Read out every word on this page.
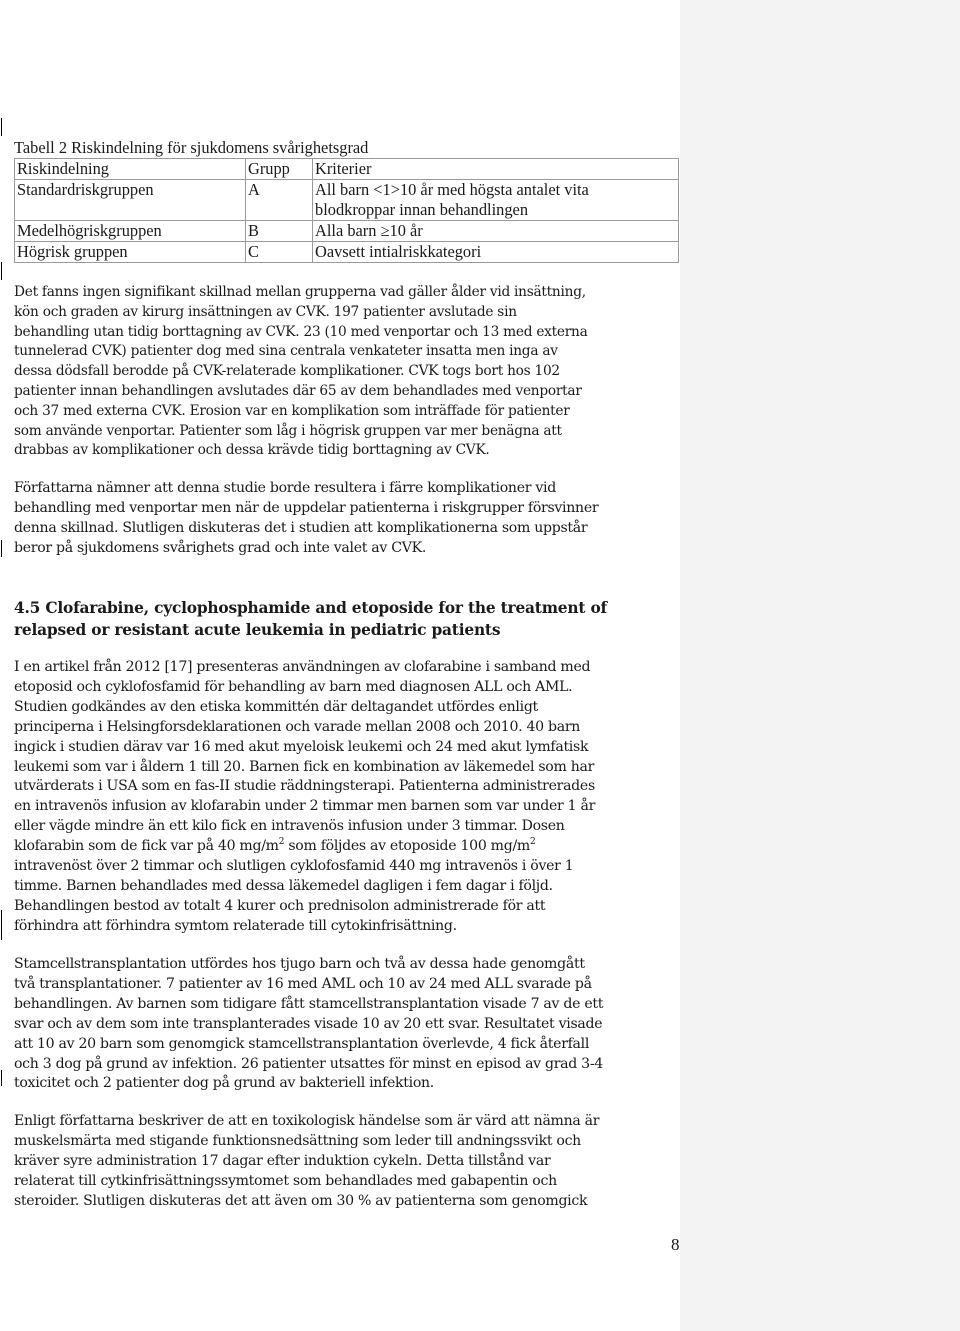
Tabell 2 Riskindelning för sjukdomens svårighetsgrad
Riskindelning	Grupp	Kriterier
Standardriskgruppen	A	All barn <1>10 år med högsta antalet vita
blodkroppar innan behandlingen
Medelhögriskgruppen	B	Alla barn ≥10 år
Högrisk gruppen	C	Oavsett intialriskkategori

Det fanns ingen signifikant skillnad mellan grupperna vad gäller ålder vid insättning,
kön och graden av kirurg insättningen av CVK. 197 patienter avslutade sin
behandling utan tidig borttagning av CVK. 23 (10 med venportar och 13 med externa
tunnelerad CVK) patienter dog med sina centrala venkateter insatta men inga av
dessa dödsfall berodde på CVK-relaterade komplikationer. CVK togs bort hos 102
patienter innan behandlingen avslutades där 65 av dem behandlades med venportar
och 37 med externa CVK. Erosion var en komplikation som inträffade för patienter
som använde venportar. Patienter som låg i högrisk gruppen var mer benägna att
drabbas av komplikationer och dessa krävde tidig borttagning av CVK.

Författarna nämner att denna studie borde resultera i färre komplikationer vid
behandling med venportar men när de uppdelar patienterna i riskgrupper försvinner
denna skillnad. Slutligen diskuteras det i studien att komplikationerna som uppstår
beror på sjukdomens svårighets grad och inte valet av CVK.

4.5 Clofarabine, cyclophosphamide and etoposide for the treatment of
relapsed or resistant acute leukemia in pediatric patients

I en artikel från 2012 [17] presenteras användningen av clofarabine i samband med
etoposid och cyklofosfamid för behandling av barn med diagnosen ALL och AML.
Studien godkändes av den etiska kommittén där deltagandet utfördes enligt
principerna i Helsingforsdeklarationen och varade mellan 2008 och 2010. 40 barn
ingick i studien därav var 16 med akut myeloisk leukemi och 24 med akut lymfatisk
leukemi som var i åldern 1 till 20. Barnen fick en kombination av läkemedel som har
utvärderats i USA som en fas-II studie räddningsterapi. Patienterna administrerades
en intravenös infusion av klofarabin under 2 timmar men barnen som var under 1 år
eller vägde mindre än ett kilo fick en intravenös infusion under 3 timmar. Dosen
klofarabin som de fick var på 40 $mg/m^2$ som följdes av etoposide 100 $mg/m^2$
intravenöst över 2 timmar och slutligen cyklofosfamid 440 mg intravenös i över 1
timme. Barnen behandlades med dessa läkemedel dagligen i fem dagar i följd.
Behandlingen bestod av totalt 4 kurer och prednisolon administrerade för att
förhindra att förhindra symtom relaterade till cytokinfrisättning.

Stamcellstransplantation utfördes hos tjugo barn och två av dessa hade genomgått
två transplantationer. 7 patienter av 16 med AML och 10 av 24 med ALL svarade på
behandlingen. Av barnen som tidigare fått stamcellstransplantation visade 7 av de ett
svar och av dem som inte transplanterades visade 10 av 20 ett svar. Resultatet visade
att 10 av 20 barn som genomgick stamcellstransplantation överlevde, 4 fick återfall
och 3 dog på grund av infektion. 26 patienter utsattes för minst en episod av grad 3-4
toxicitet och 2 patienter dog på grund av bakteriell infektion.

Enligt författarna beskriver de att en toxikologisk händelse som är värd att nämna är
muskelsmärta med stigande funktionsnedsättning som leder till andningssvikt och
kräver syre administration 17 dagar efter induktion cykeln. Detta tillstånd var
relaterat till cytkinfrisättningssymtomet som behandlades med gabapentin och
steroider. Slutligen diskuteras det att även om 30 % av patienterna som genomgick

8
